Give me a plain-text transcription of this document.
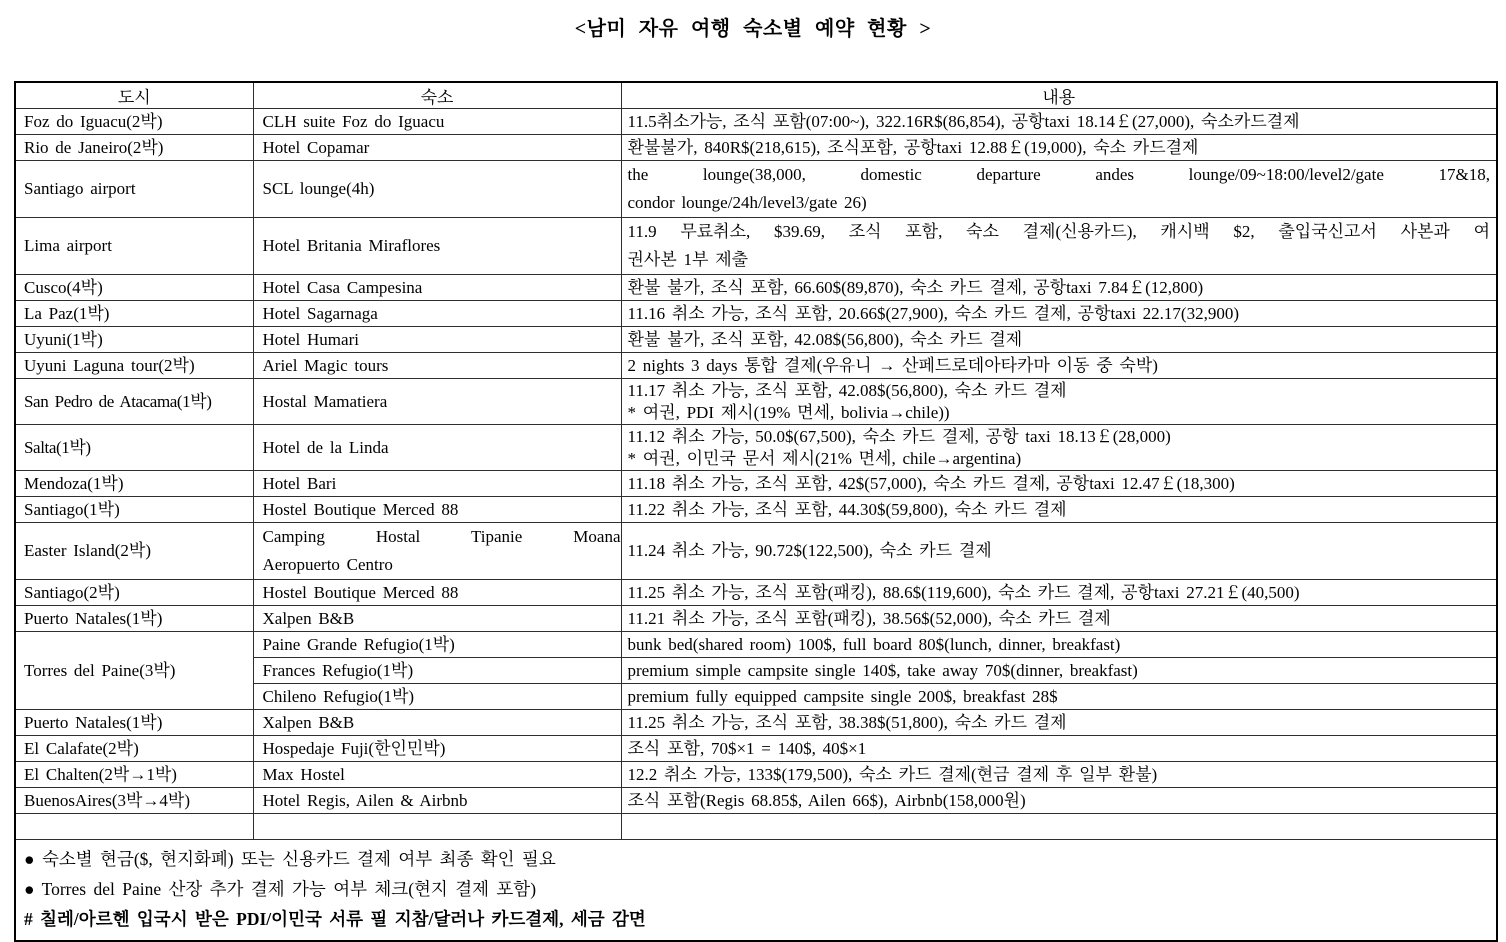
<남미 자유 여행 숙소별 예약 현황 >
도시	숙소	내용

Foz do Iguacu(2박)	CLH suite Foz do Iguacu	11.5취소가능, 조식 포함(07:00~), 322.16R$(86,854), 공항taxi 18.14￡(27,000), 숙소카드결제

Rio de Janeiro(2박)	Hotel Copamar	환불불가, 840R$(218,615), 조식포함, 공항taxi 12.88￡(19,000), 숙소 카드결제

Santiago airport	SCL lounge(4h)	the lounge(38,000, domestic departure andes lounge/09~18:00/level2/gate 17&18,
condor lounge/24h/level3/gate 26)

Lima airport	Hotel Britania Miraflores	11.9 무료취소, $39.69, 조식 포함, 숙소 결제(신용카드), 캐시백 $2, 출입국신고서 사본과 여
권사본 1부 제출

Cusco(4박)	Hotel Casa Campesina	환불 불가, 조식 포함, 66.60$(89,870), 숙소 카드 결제, 공항taxi 7.84￡(12,800)

La Paz(1박)	Hotel Sagarnaga	11.16 취소 가능, 조식 포함, 20.66$(27,900), 숙소 카드 결제, 공항taxi 22.17(32,900)

Uyuni(1박)	Hotel Humari	환불 불가, 조식 포함, 42.08$(56,800), 숙소 카드 결제

Uyuni Laguna tour(2박)	Ariel Magic tours	2 nights 3 days 통합 결제(우유니 → 산페드로데아타카마 이동 중 숙박)

San Pedro de Atacama(1박)	Hostal Mamatiera	11.17 취소 가능, 조식 포함, 42.08$(56,800), 숙소 카드 결제
* 여권, PDI 제시(19% 면세, bolivia→chile))

Salta(1박)	Hotel de la Linda	11.12 취소 가능, 50.0$(67,500), 숙소 카드 결제, 공항 taxi 18.13￡(28,000)
* 여권, 이민국 문서 제시(21% 면세, chile→argentina)

Mendoza(1박)	Hotel Bari	11.18 취소 가능, 조식 포함, 42$(57,000), 숙소 카드 결제, 공항taxi 12.47￡(18,300)

Santiago(1박)	Hostel Boutique Merced 88	11.22 취소 가능, 조식 포함, 44.30$(59,800), 숙소 카드 결제

Easter Island(2박)	Camping Hostal Tipanie Moana
Aeropuerto Centro	11.24 취소 가능, 90.72$(122,500), 숙소 카드 결제

Santiago(2박)	Hostel Boutique Merced 88	11.25 취소 가능, 조식 포함(패킹), 88.6$(119,600), 숙소 카드 결제, 공항taxi 27.21￡(40,500)

Puerto Natales(1박)	Xalpen B&B	11.21 취소 가능, 조식 포함(패킹), 38.56$(52,000), 숙소 카드 결제

Torres del Paine(3박)	Paine Grande Refugio(1박)	bunk bed(shared room) 100$, full board 80$(lunch, dinner, breakfast)

	Frances Refugio(1박)	premium simple campsite single 140$, take away 70$(dinner, breakfast)

	Chileno Refugio(1박)	premium fully equipped campsite single 200$, breakfast 28$

Puerto Natales(1박)	Xalpen B&B	11.25 취소 가능, 조식 포함, 38.38$(51,800), 숙소 카드 결제

El Calafate(2박)	Hospedaje Fuji(한인민박)	조식 포함, 70$×1 = 140$, 40$×1

El Chalten(2박→1박)	Max Hostel	12.2 취소 가능, 133$(179,500), 숙소 카드 결제(현금 결제 후 일부 환불)

BuenosAires(3박→4박)	Hotel Regis, Ailen & Airbnb	조식 포함(Regis 68.85$, Ailen 66$), Airbnb(158,000원)

● 숙소별 현금($, 현지화폐) 또는 신용카드 결제 여부 최종 확인 필요
● Torres del Paine 산장 추가 결제 가능 여부 체크(현지 결제 포함)
# 칠레/아르헨 입국시 받은 PDI/이민국 서류 필 지참/달러나 카드결제, 세금 감면		
